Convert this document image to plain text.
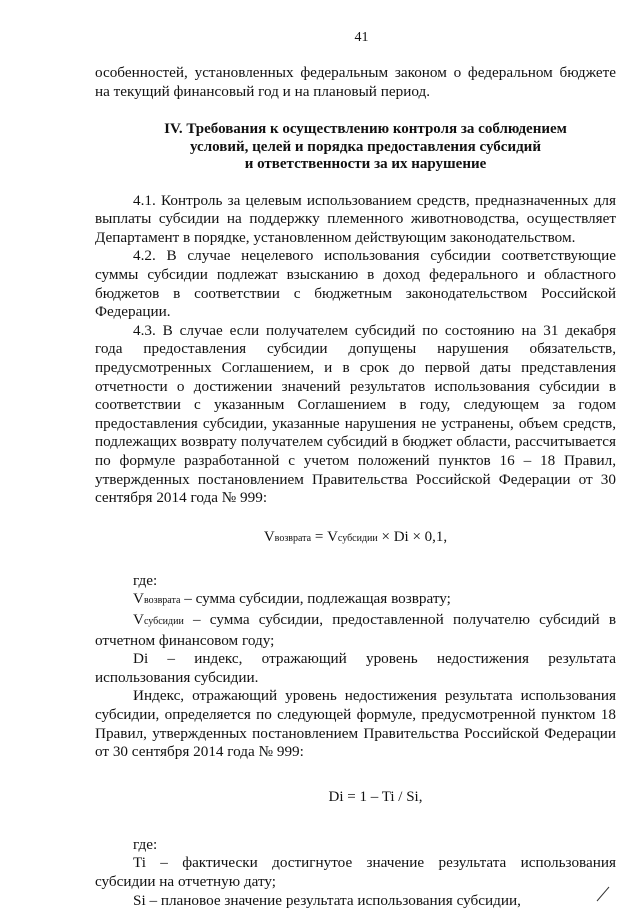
41

особенностей, установленных федеральным законом о федеральном бюджете на текущий финансовый год и на плановый период.

IV. Требования к осуществлению контроля за соблюдением
условий, целей и порядка предоставления субсидий
и ответственности за их нарушение

4.1. Контроль за целевым использованием средств, предназначенных для выплаты субсидии на поддержку племенного животноводства, осуществляет Департамент в порядке, установленном действующим законодательством.

4.2. В случае нецелевого использования субсидии соответствующие суммы субсидии подлежат взысканию в доход федерального и областного бюджетов в соответствии с бюджетным законодательством Российской Федерации.

4.3. В случае если получателем субсидий по состоянию на 31 декабря года предоставления субсидии допущены нарушения обязательств, предусмотренных Соглашением, и в срок до первой даты представления отчетности о достижении значений результатов использования субсидии в соответствии с указанным Соглашением в году, следующем за годом предоставления субсидии, указанные нарушения не устранены, объем средств, подлежащих возврату получателем субсидий в бюджет области, рассчитывается по формуле разработанной с учетом положений пунктов 16 – 18 Правил, утвержденных постановлением Правительства Российской Федерации от 30 сентября 2014 года № 999:

Vвозврата = Vсубсидии × Di × 0,1,

где:

Vвозврата – сумма субсидии, подлежащая возврату;

Vсубсидии – сумма субсидии, предоставленной получателю субсидий в отчетном финансовом году;

Di – индекс, отражающий уровень недостижения результата использования субсидии.

Индекс, отражающий уровень недостижения результата использования субсидии, определяется по следующей формуле, предусмотренной пунктом 18 Правил, утвержденных постановлением Правительства Российской Федерации от 30 сентября 2014 года № 999:

Di = 1 – Ti / Si,

где:

Ti – фактически достигнутое значение результата использования субсидии на отчетную дату;

Si – плановое значение результата использования субсидии,
